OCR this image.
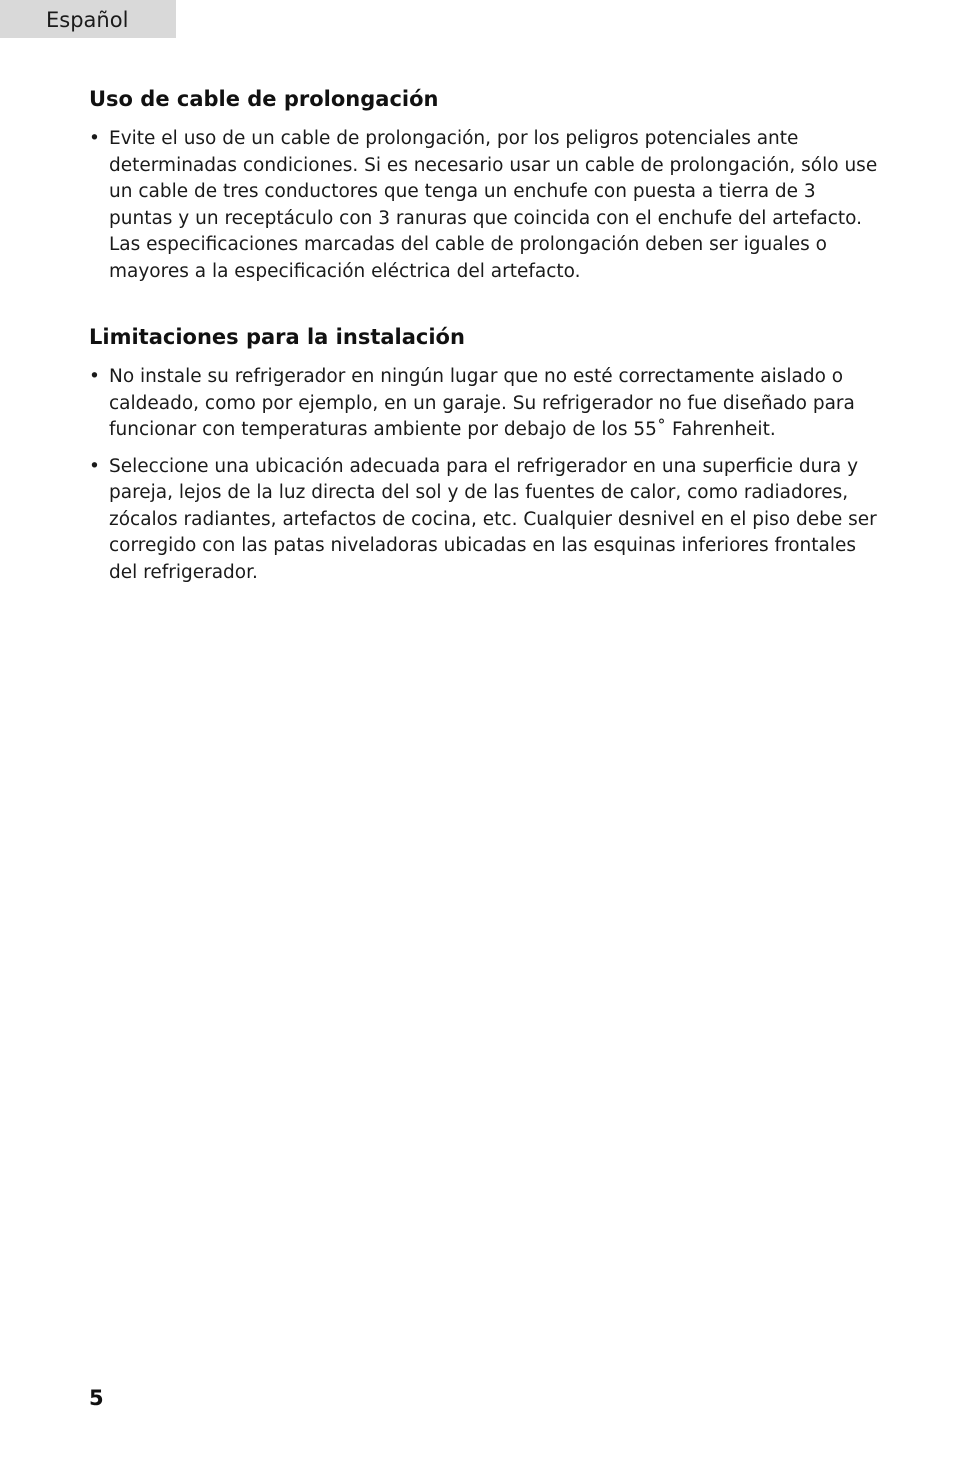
Español
Uso de cable de prolongación
• Evite el uso de un cable de prolongación, por los peligros potenciales ante determinadas condiciones. Si es necesario usar un cable de prolongación, sólo use un cable de tres conductores que tenga un enchufe con puesta a tierra de 3 puntas y un receptáculo con 3 ranuras que coincida con el enchufe del artefacto. Las especificaciones marcadas del cable de prolongación deben ser iguales o mayores a la especificación eléctrica del artefacto.
Limitaciones para la instalación
• No instale su refrigerador en ningún lugar que no esté correctamente aislado o caldeado, como por ejemplo, en un garaje. Su refrigerador no fue diseñado para funcionar con temperaturas ambiente por debajo de los 55˚ Fahrenheit.
• Seleccione una ubicación adecuada para el refrigerador en una superficie dura y pareja, lejos de la luz directa del sol y de las fuentes de calor, como radiadores, zócalos radiantes, artefactos de cocina, etc. Cualquier desnivel en el piso debe ser corregido con las patas niveladoras ubicadas en las esquinas inferiores frontales del refrigerador.
5
